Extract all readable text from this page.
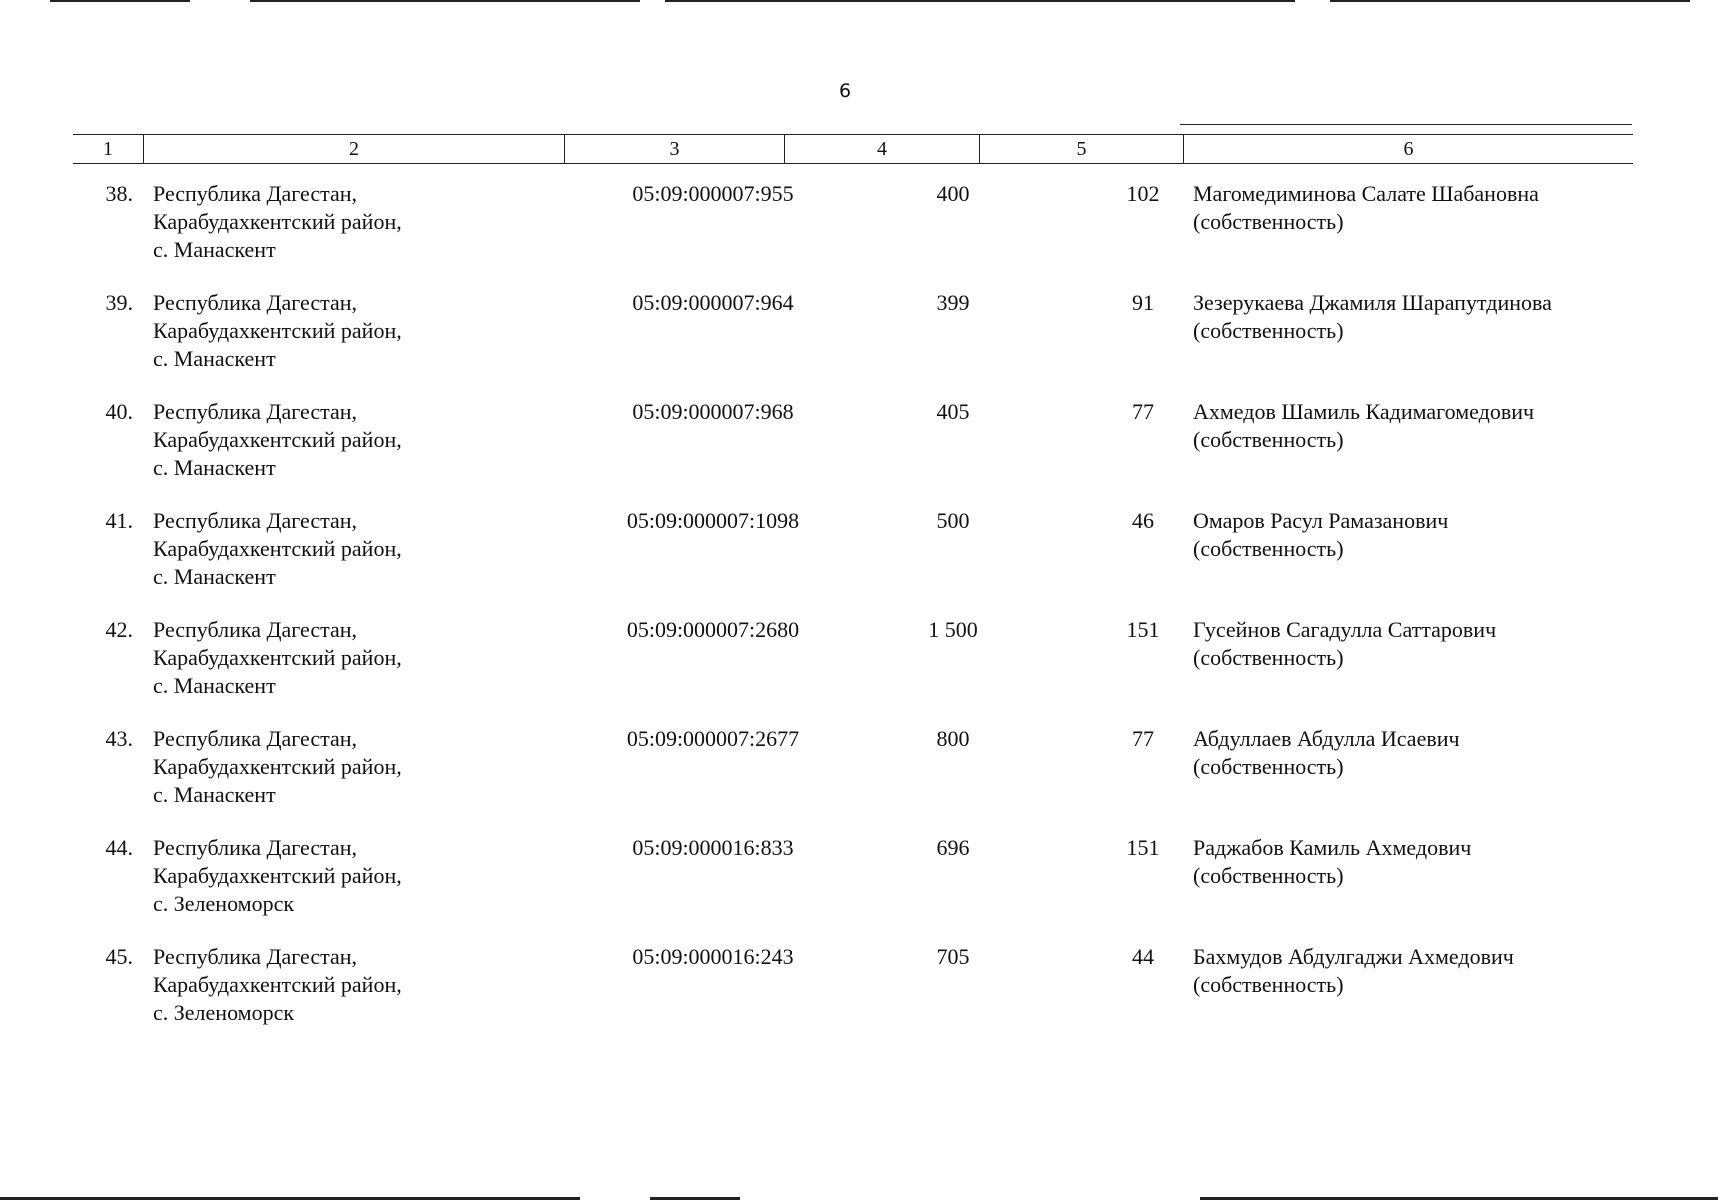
6
1	2	3	4	5	6
38. Республика Дагестан,
Карабудахкентский район,
с. Манаскент
05:09:000007:955	400	102	Магомедиминова Салате Шабановна
(собственность)
39. Республика Дагестан,
Карабудахкентский район,
с. Манаскент
05:09:000007:964	399	91	Зезерукаева Джамиля Шарапутдинова
(собственность)
40. Республика Дагестан,
Карабудахкентский район,
с. Манаскент
05:09:000007:968	405	77	Ахмедов Шамиль Кадимагомедович
(собственность)
41. Республика Дагестан,
Карабудахкентский район,
с. Манаскент
05:09:000007:1098	500	46	Омаров Расул Рамазанович
(собственность)
42. Республика Дагестан,
Карабудахкентский район,
с. Манаскент
05:09:000007:2680	1 500	151	Гусейнов Сагадулла Саттарович
(собственность)
43. Республика Дагестан,
Карабудахкентский район,
с. Манаскент
05:09:000007:2677	800	77	Абдуллаев Абдулла Исаевич
(собственность)
44. Республика Дагестан,
Карабудахкентский район,
с. Зеленоморск
05:09:000016:833	696	151	Раджабов Камиль Ахмедович
(собственность)
45. Республика Дагестан,
Карабудахкентский район,
с. Зеленоморск
05:09:000016:243	705	44	Бахмудов Абдулгаджи Ахмедович
(собственность)
